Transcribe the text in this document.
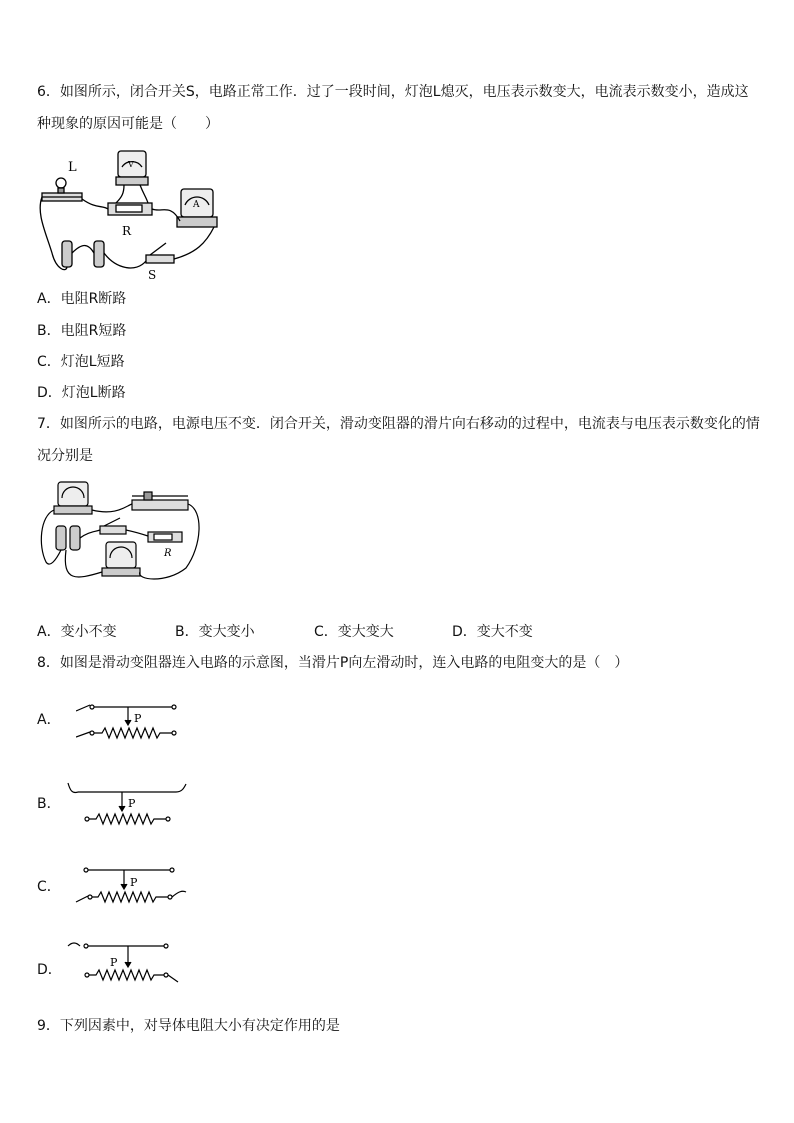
6．如图所示，闭合开关S，电路正常工作．过了一段时间，灯泡L熄灭，电压表示数变大，电流表示数变小，造成这
种现象的原因可能是（　　）
L	V
R
A
S
A．电阻R断路
B．电阻R短路
C．灯泡L短路
D．灯泡L断路
7．如图所示的电路，电源电压不变．闭合开关，滑动变阻器的滑片向右移动的过程中，电流表与电压表示数变化的情
况分别是
R
A．变小不变	B．变大变小	C．变大变大	D．变大不变
8．如图是滑动变阻器连入电路的示意图，当滑片P向左滑动时，连入电路的电阻变大的是（　）
A．	P
B．	P
C．	P
D．	P
9．下列因素中，对导体电阻大小有决定作用的是
